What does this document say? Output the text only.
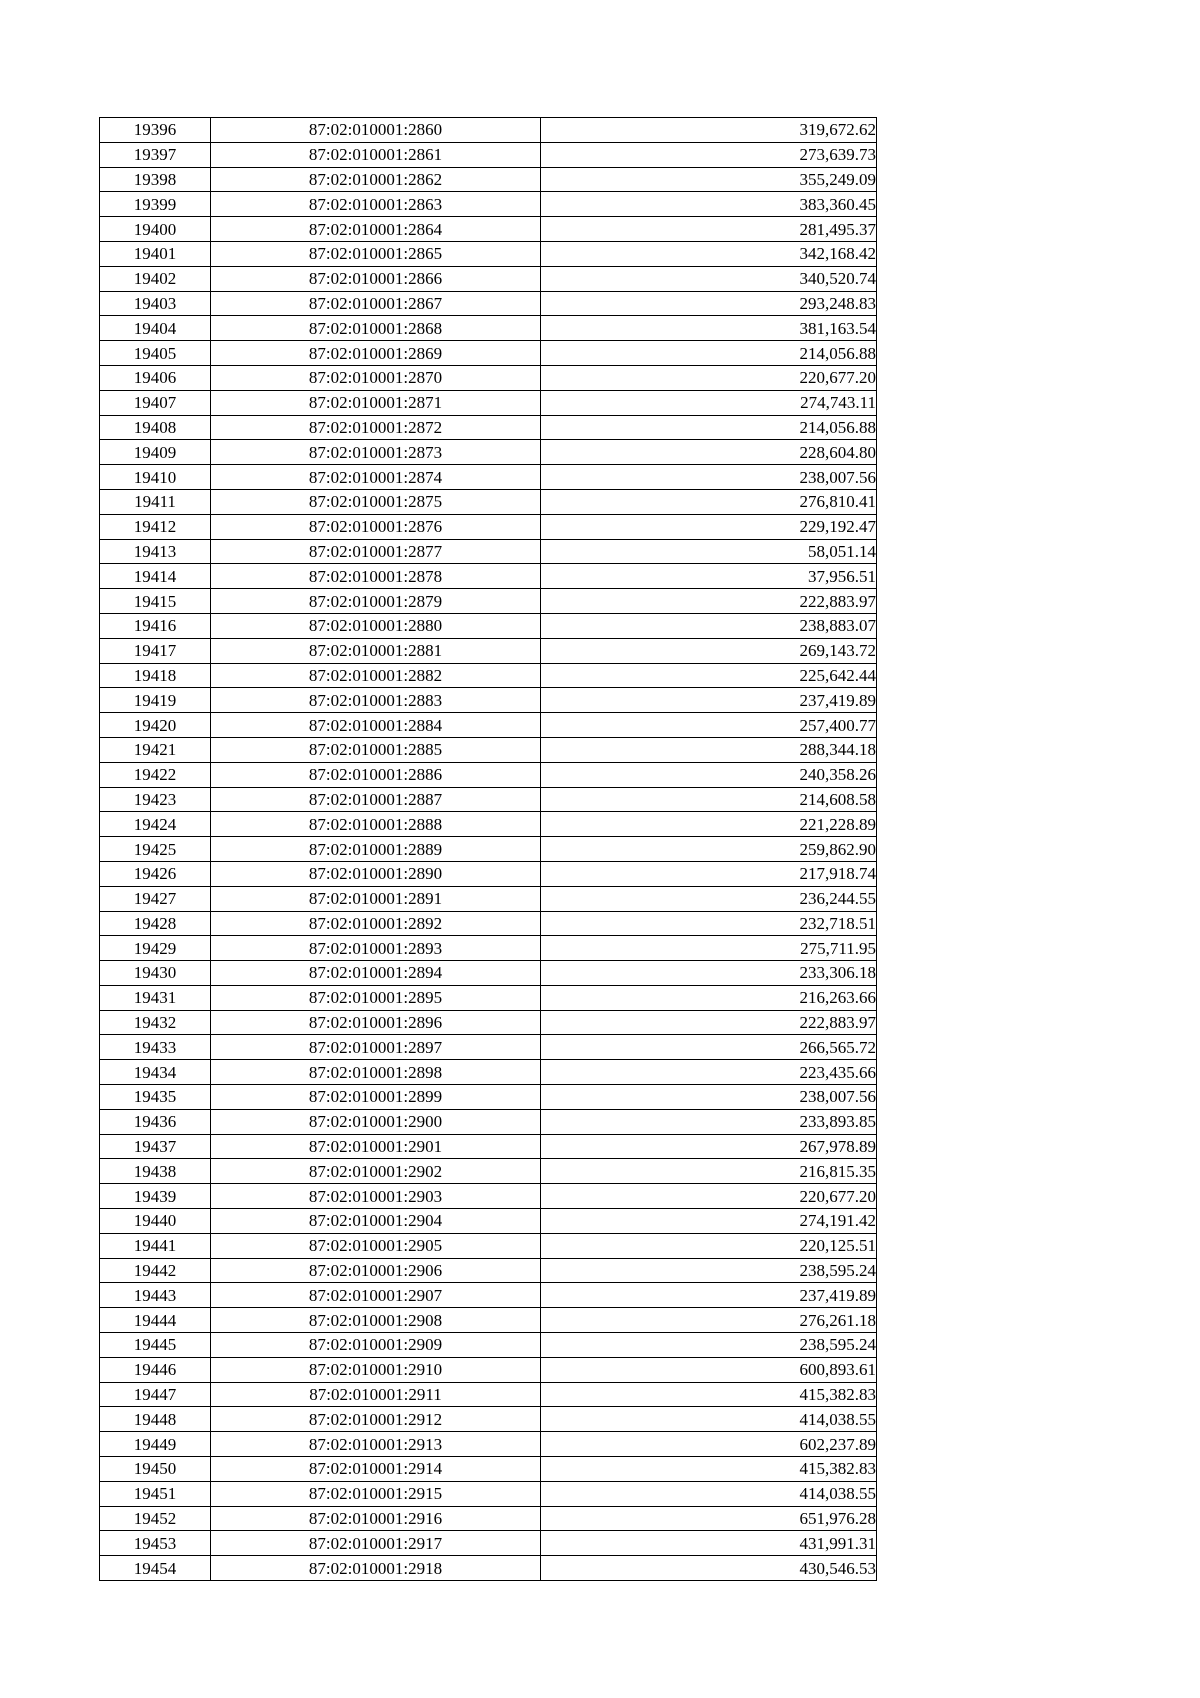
19396	87:02:010001:2860	319,672.62
19397	87:02:010001:2861	273,639.73
19398	87:02:010001:2862	355,249.09
19399	87:02:010001:2863	383,360.45
19400	87:02:010001:2864	281,495.37
19401	87:02:010001:2865	342,168.42
19402	87:02:010001:2866	340,520.74
19403	87:02:010001:2867	293,248.83
19404	87:02:010001:2868	381,163.54
19405	87:02:010001:2869	214,056.88
19406	87:02:010001:2870	220,677.20
19407	87:02:010001:2871	274,743.11
19408	87:02:010001:2872	214,056.88
19409	87:02:010001:2873	228,604.80
19410	87:02:010001:2874	238,007.56
19411	87:02:010001:2875	276,810.41
19412	87:02:010001:2876	229,192.47
19413	87:02:010001:2877	58,051.14
19414	87:02:010001:2878	37,956.51
19415	87:02:010001:2879	222,883.97
19416	87:02:010001:2880	238,883.07
19417	87:02:010001:2881	269,143.72
19418	87:02:010001:2882	225,642.44
19419	87:02:010001:2883	237,419.89
19420	87:02:010001:2884	257,400.77
19421	87:02:010001:2885	288,344.18
19422	87:02:010001:2886	240,358.26
19423	87:02:010001:2887	214,608.58
19424	87:02:010001:2888	221,228.89
19425	87:02:010001:2889	259,862.90
19426	87:02:010001:2890	217,918.74
19427	87:02:010001:2891	236,244.55
19428	87:02:010001:2892	232,718.51
19429	87:02:010001:2893	275,711.95
19430	87:02:010001:2894	233,306.18
19431	87:02:010001:2895	216,263.66
19432	87:02:010001:2896	222,883.97
19433	87:02:010001:2897	266,565.72
19434	87:02:010001:2898	223,435.66
19435	87:02:010001:2899	238,007.56
19436	87:02:010001:2900	233,893.85
19437	87:02:010001:2901	267,978.89
19438	87:02:010001:2902	216,815.35
19439	87:02:010001:2903	220,677.20
19440	87:02:010001:2904	274,191.42
19441	87:02:010001:2905	220,125.51
19442	87:02:010001:2906	238,595.24
19443	87:02:010001:2907	237,419.89
19444	87:02:010001:2908	276,261.18
19445	87:02:010001:2909	238,595.24
19446	87:02:010001:2910	600,893.61
19447	87:02:010001:2911	415,382.83
19448	87:02:010001:2912	414,038.55
19449	87:02:010001:2913	602,237.89
19450	87:02:010001:2914	415,382.83
19451	87:02:010001:2915	414,038.55
19452	87:02:010001:2916	651,976.28
19453	87:02:010001:2917	431,991.31
19454	87:02:010001:2918	430,546.53
